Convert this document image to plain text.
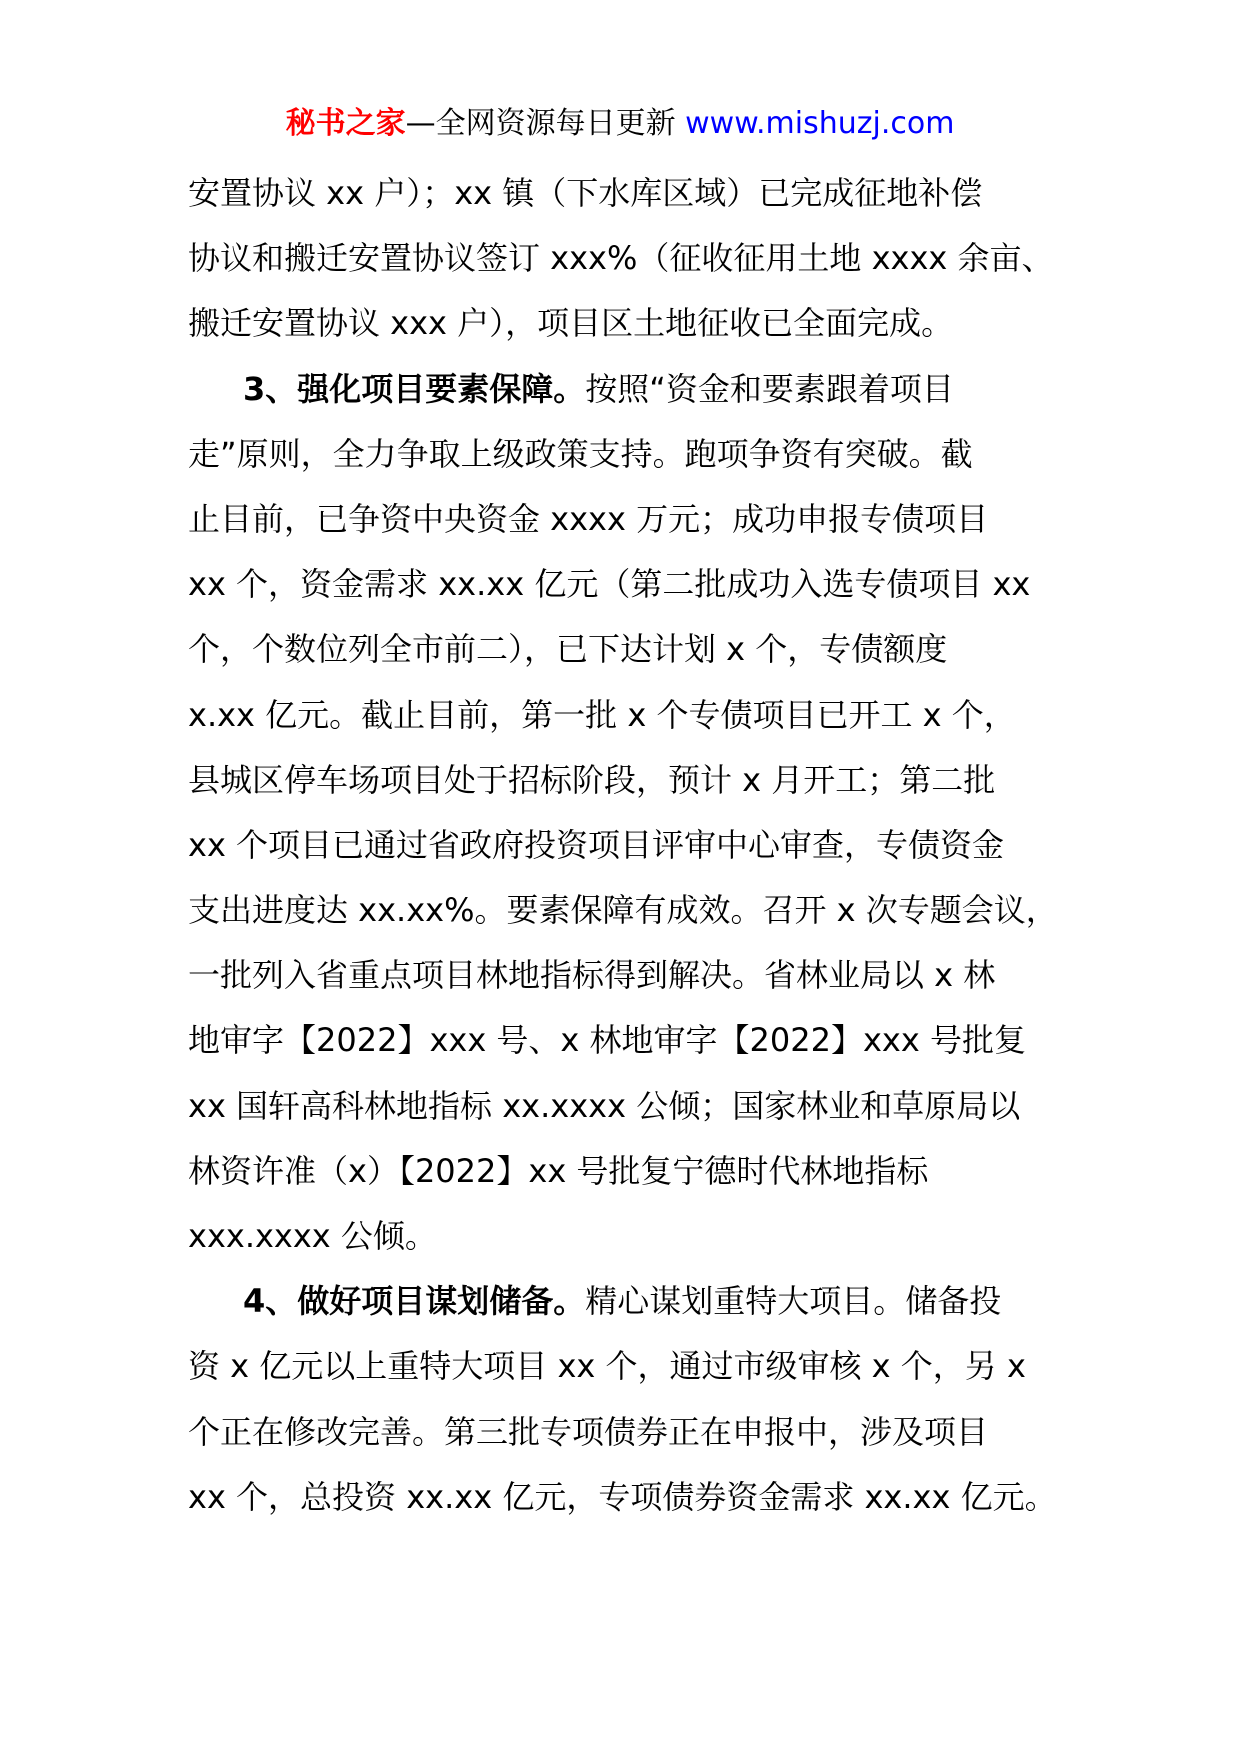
秘书之家—全网资源每日更新 www.mishuzj.com
安置协议 xx 户）；xx 镇（下水库区域）已完成征地补偿
协议和搬迁安置协议签订 xxx%（征收征用土地 xxxx 余亩、
搬迁安置协议 xxx 户），项目区土地征收已全面完成。
3、强化项目要素保障。按照“资金和要素跟着项目
走”原则，全力争取上级政策支持。跑项争资有突破。截
止目前，已争资中央资金 xxxx 万元；成功申报专债项目
xx 个，资金需求 xx.xx 亿元（第二批成功入选专债项目 xx
个，个数位列全市前二），已下达计划 x 个，专债额度
x.xx 亿元。截止目前，第一批 x 个专债项目已开工 x 个，
县城区停车场项目处于招标阶段，预计 x 月开工；第二批
xx 个项目已通过省政府投资项目评审中心审查，专债资金
支出进度达 xx.xx%。要素保障有成效。召开 x 次专题会议，
一批列入省重点项目林地指标得到解决。省林业局以 x 林
地审字【2022】xxx 号、x 林地审字【2022】xxx 号批复
xx 国轩高科林地指标 xx.xxxx 公倾；国家林业和草原局以
林资许准（x）【2022】xx 号批复宁德时代林地指标
xxx.xxxx 公倾。
4、做好项目谋划储备。精心谋划重特大项目。储备投
资 x 亿元以上重特大项目 xx 个，通过市级审核 x 个，另 x
个正在修改完善。第三批专项债券正在申报中，涉及项目
xx 个，总投资 xx.xx 亿元，专项债券资金需求 xx.xx 亿元。
